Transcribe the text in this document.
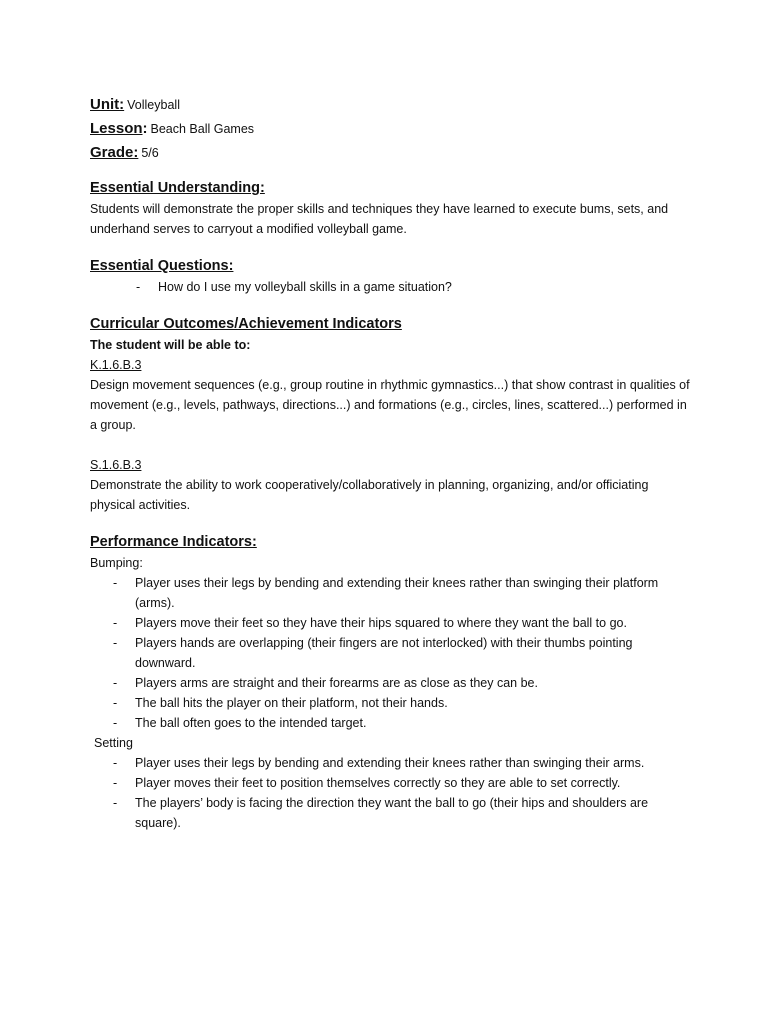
Unit: Volleyball
Lesson: Beach Ball Games
Grade: 5/6
Essential Understanding:

Students will demonstrate the proper skills and techniques they have learned to execute bums, sets, and underhand serves to carryout a modified volleyball game.

Essential Questions:
- How do I use my volleyball skills in a game situation?
Curricular Outcomes/Achievement Indicators
The student will be able to:
K.1.6.B.3

Design movement sequences (e.g., group routine in rhythmic gymnastics...) that show contrast in qualities of movement (e.g., levels, pathways, directions...) and formations (e.g., circles, lines, scattered...) performed in a group.

S.1.6.B.3

Demonstrate the ability to work cooperatively/collaboratively in planning, organizing, and/or officiating physical activities.

Performance Indicators:
Bumping:
- Player uses their legs by bending and extending their knees rather than swinging their platform (arms).
- Players move their feet so they have their hips squared to where they want the ball to go.
- Players hands are overlapping (their fingers are not interlocked) with their thumbs pointing downward.
- Players arms are straight and their forearms are as close as they can be.
- The ball hits the player on their platform, not their hands.
- The ball often goes to the intended target.
Setting
- Player uses their legs by bending and extending their knees rather than swinging their arms.
- Player moves their feet to position themselves correctly so they are able to set correctly.
- The players’ body is facing the direction they want the ball to go (their hips and shoulders are square).
